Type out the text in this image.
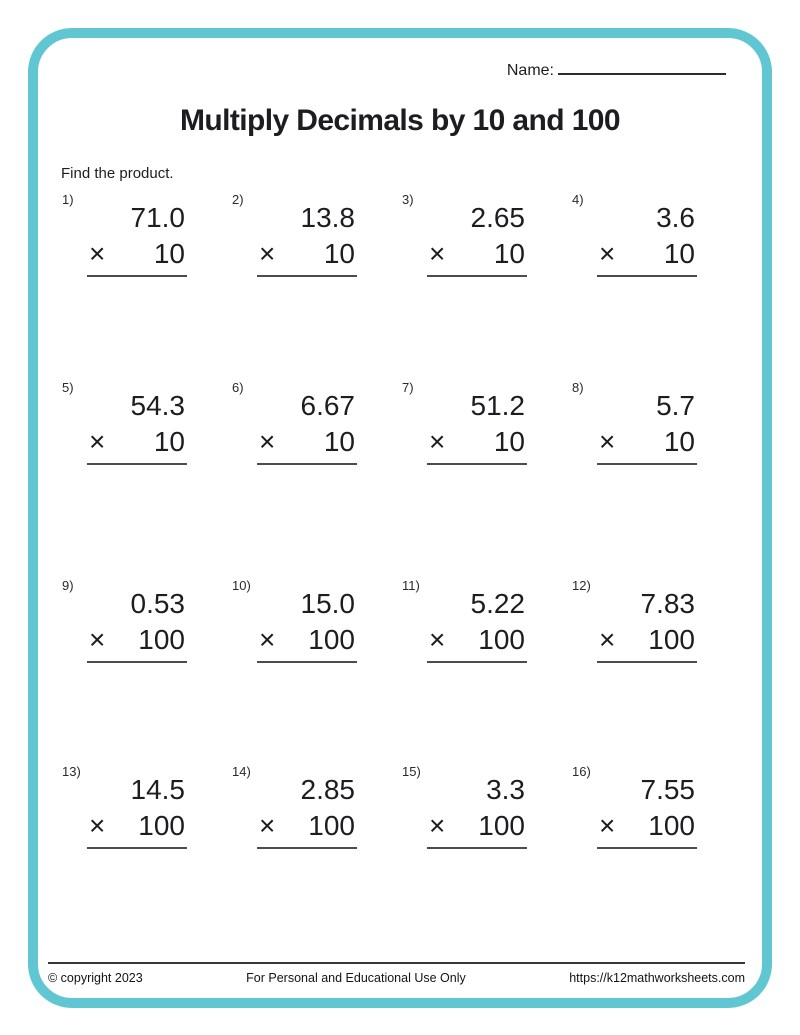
Name:
Multiply Decimals by 10 and 100
Find the product.
1)
71.0
× 10
2)
13.8
× 10
3)
2.65
× 10
4)
3.6
× 10
5)
54.3
× 10
6)
6.67
× 10
7)
51.2
× 10
8)
5.7
× 10
9)
0.53
× 100
10)
15.0
× 100
11)
5.22
× 100
12)
7.83
× 100
13)
14.5
× 100
14)
2.85
× 100
15)
3.3
× 100
16)
7.55
× 100
© copyright 2023	For Personal and Educational Use Only	https://k12mathworksheets.com
